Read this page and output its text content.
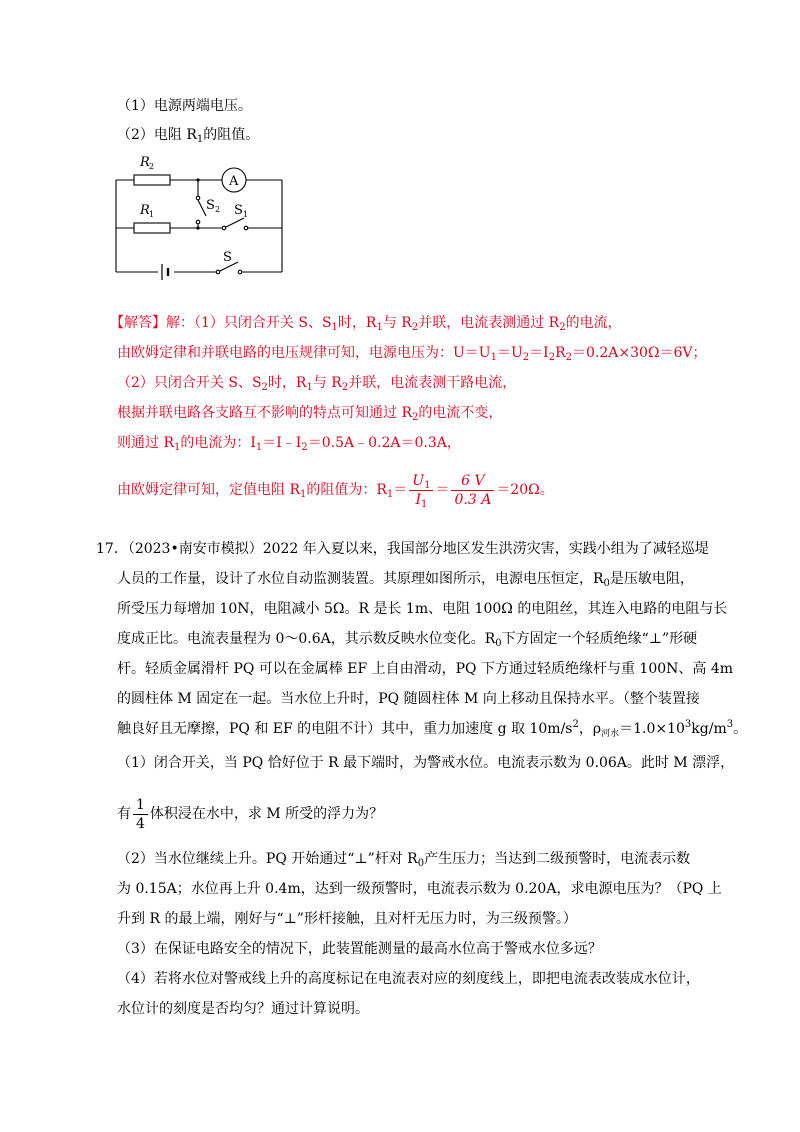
（1）电源两端电压。
（2）电阻 $R_1$的阻值。
R 2
R 1
A
S 2 S 1
S
【解答】解：（1）只闭合开关 S、$S_1$时，$R_1$与 $R_2$并联，电流表测通过 $R_2$的电流，
由欧姆定律和并联电路的电压规律可知，电源电压为：$U=U_1=U_2=I_2R_2=0.2A\times 30\Omega=6V$；
（2）只闭合开关 S、$S_2$时，$R_1$与 $R_2$并联，电流表测干路电流，
根据并联电路各支路互不影响的特点可知通过 $R_2$的电流不变，
则通过 $R_1$的电流为：$I_1=I﹣I_2=0.5A﹣0.2A=0.3A$，
由欧姆定律可知，定值电阻 $R_1$的阻值为：$R_1= \frac{U_1}{I_1} = \frac{6 V}{0.3 A} =20\Omega$。
17．（2023•南安市模拟）2022 年入夏以来，我国部分地区发生洪涝灾害，实践小组为了减轻巡堤
人员的工作量，设计了水位自动监测装置。其原理如图所示，电源电压恒定，$R_0$是压敏电阻，
所受压力每增加 10N，电阻减小 5Ω。R 是长 1m、电阻 100Ω 的电阻丝，其连入电路的电阻与长
度成正比。电流表量程为 0～0.6A，其示数反映水位变化。$R_0$下方固定一个轻质绝缘“⊥”形硬
杆。轻质金属滑杆 PQ 可以在金属棒 EF 上自由滑动，PQ 下方通过轻质绝缘杆与重 100N、高 4m
的圆柱体 M 固定在一起。当水位上升时，PQ 随圆柱体 M 向上移动且保持水平。（整个装置接
触良好且无摩擦，PQ 和 EF 的电阻不计）其中，重力加速度 g 取 $10m/s^2$，$\rho_{河水}=1.0\times 10^3kg/m^3$。
（1）闭合开关，当 PQ 恰好位于 R 最下端时，为警戒水位。电流表示数为 0.06A。此时 M 漂浮，
有 $\frac{1}{4}$ 体积浸在水中，求 M 所受的浮力为？
（2）当水位继续上升。PQ 开始通过“⊥”杆对 $R_0$产生压力；当达到二级预警时，电流表示数
为 0.15A；水位再上升 0.4m，达到一级预警时，电流表示数为 0.20A，求电源电压为？（PQ 上
升到 R 的最上端，刚好与“⊥”形杆接触，且对杆无压力时，为三级预警。）
（3）在保证电路安全的情况下，此装置能测量的最高水位高于警戒水位多远？
（4）若将水位对警戒线上升的高度标记在电流表对应的刻度线上，即把电流表改装成水位计，
水位计的刻度是否均匀？通过计算说明。
